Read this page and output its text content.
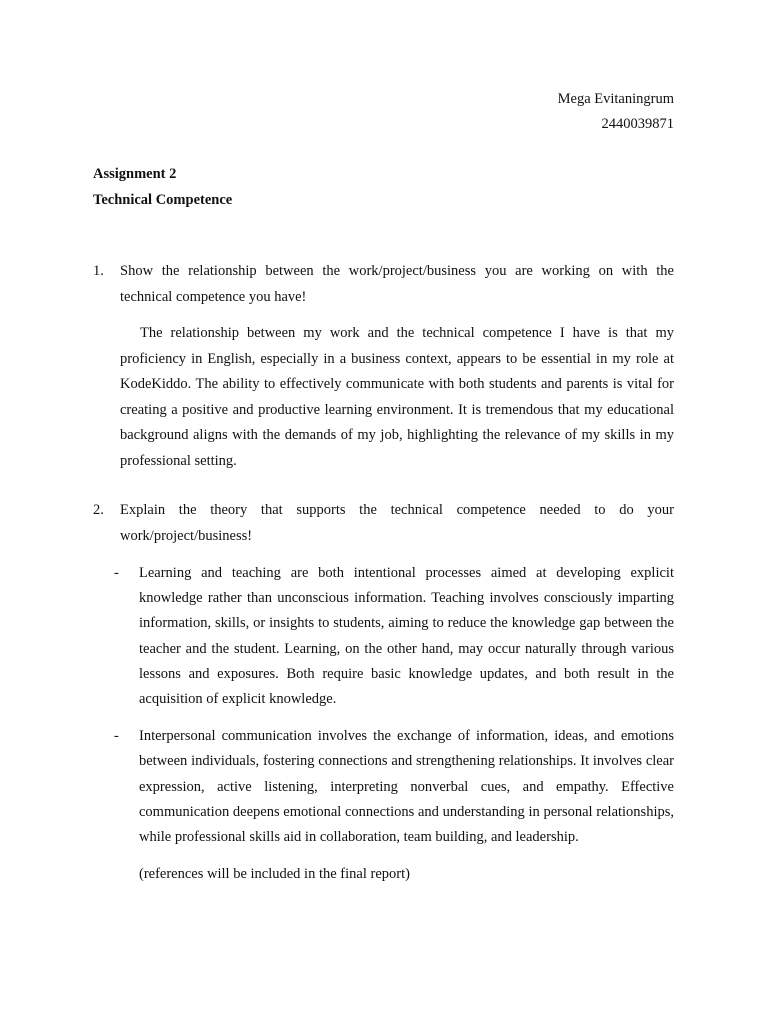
Mega Evitaningrum
2440039871
Assignment 2
Technical Competence
1.	Show the relationship between the work/project/business you are working on with the technical competence you have!
The relationship between my work and the technical competence I have is that my proficiency in English, especially in a business context, appears to be essential in my role at KodeKiddo. The ability to effectively communicate with both students and parents is vital for creating a positive and productive learning environment. It is tremendous that my educational background aligns with the demands of my job, highlighting the relevance of my skills in my professional setting.
2.	Explain the theory that supports the technical competence needed to do your work/project/business!
-	Learning and teaching are both intentional processes aimed at developing explicit knowledge rather than unconscious information. Teaching involves consciously imparting information, skills, or insights to students, aiming to reduce the knowledge gap between the teacher and the student. Learning, on the other hand, may occur naturally through various lessons and exposures. Both require basic knowledge updates, and both result in the acquisition of explicit knowledge.
-	Interpersonal communication involves the exchange of information, ideas, and emotions between individuals, fostering connections and strengthening relationships. It involves clear expression, active listening, interpreting nonverbal cues, and empathy. Effective communication deepens emotional connections and understanding in personal relationships, while professional skills aid in collaboration, team building, and leadership.
(references will be included in the final report)
